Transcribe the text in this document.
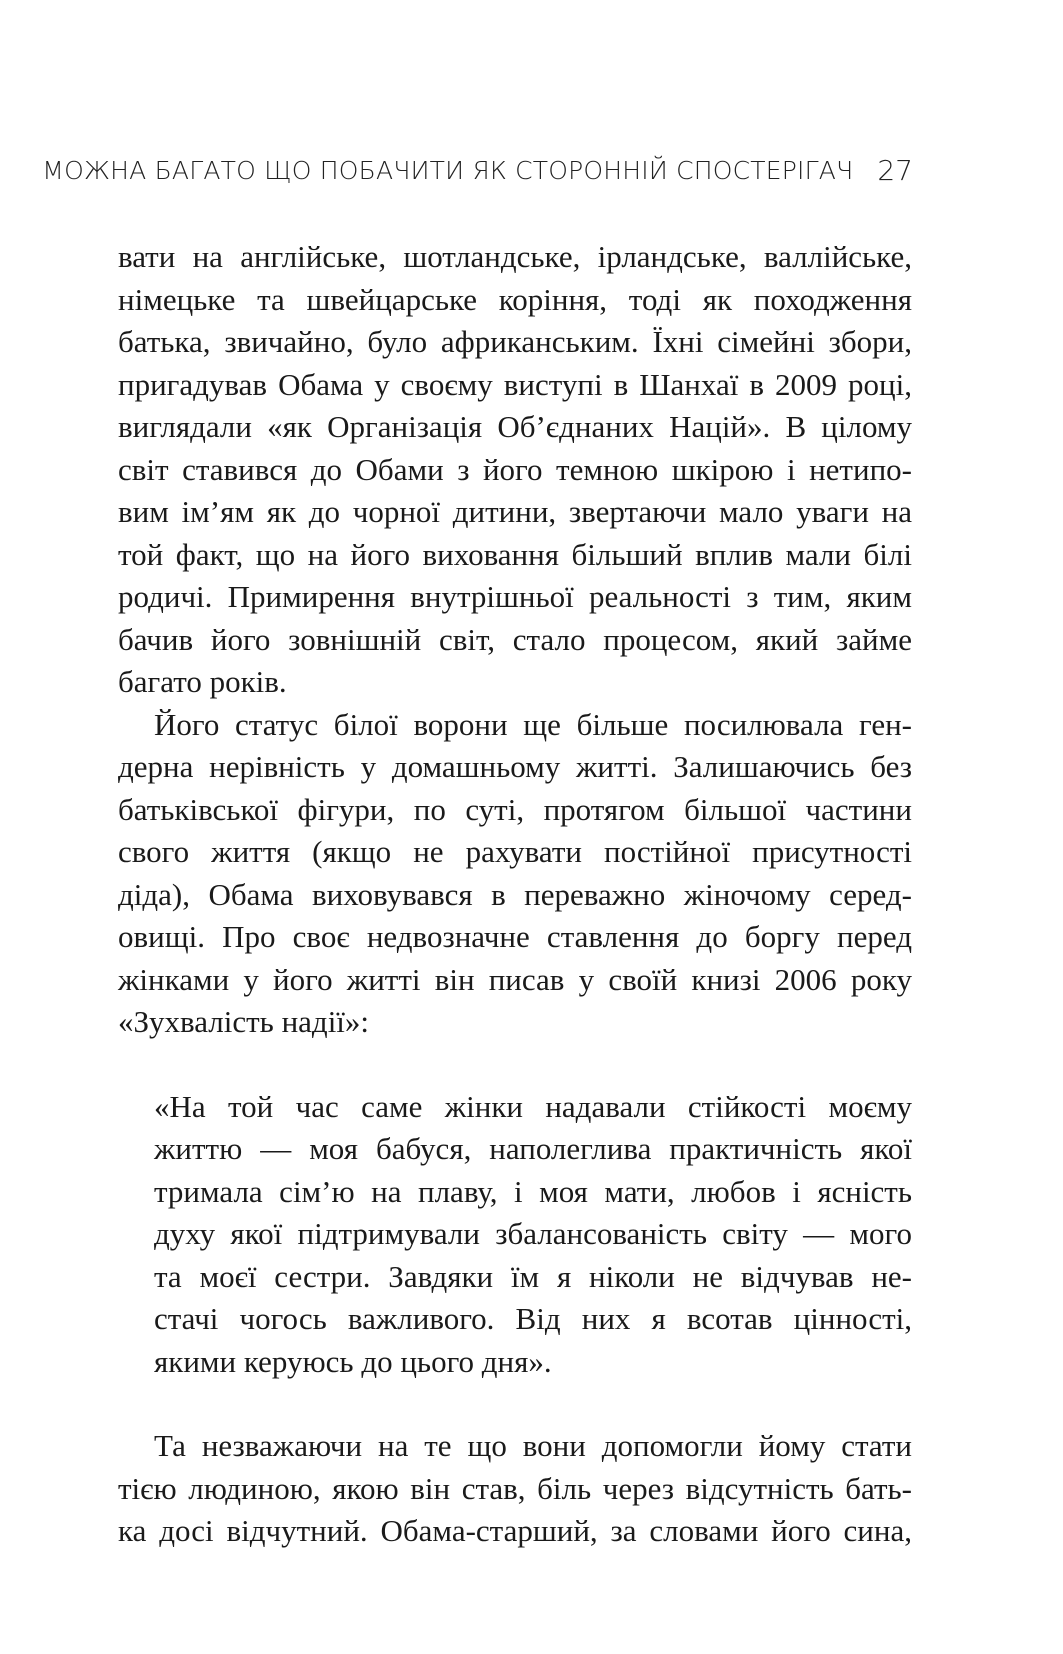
МОЖНА БАГАТО ЩО ПОБАЧИТИ ЯК СТОРОННІЙ СПОСТЕРІГАЧ 27
вати на англійське, шотландське, ірландське, валлійське,
німецьке та швейцарське коріння, тоді як походження
батька, звичайно, було африканським. Їхні сімейні збори,
пригадував Обама у своєму виступі в Шанхаї в 2009 році,
виглядали «як Організація Об’єднаних Націй». В цілому
світ ставився до Обами з його темною шкірою і нетипо-
вим ім’ям як до чорної дитини, звертаючи мало уваги на
той факт, що на його виховання більший вплив мали білі
родичі. Примирення внутрішньої реальності з тим, яким
бачив його зовнішній світ, стало процесом, який займе
багато років.
Його статус білої ворони ще більше посилювала ген-
дерна нерівність у домашньому житті. Залишаючись без
батьківської фігури, по суті, протягом більшої частини
свого життя (якщо не рахувати постійної присутності
діда), Обама виховувався в переважно жіночому серед-
овищі. Про своє недвозначне ставлення до боргу перед
жінками у його житті він писав у своїй книзі 2006 року
«Зухвалість надії»:
«На той час саме жінки надавали стійкості моєму
життю — моя бабуся, наполеглива практичність якої
тримала сім’ю на плаву, і моя мати, любов і ясність
духу якої підтримували збалансованість світу — мого
та моєї сестри. Завдяки їм я ніколи не відчував не-
стачі чогось важливого. Від них я всотав цінності,
якими керуюсь до цього дня».
Та незважаючи на те що вони допомогли йому стати
тією людиною, якою він став, біль через відсутність бать-
ка досі відчутний. Обама-старший, за словами його сина,
